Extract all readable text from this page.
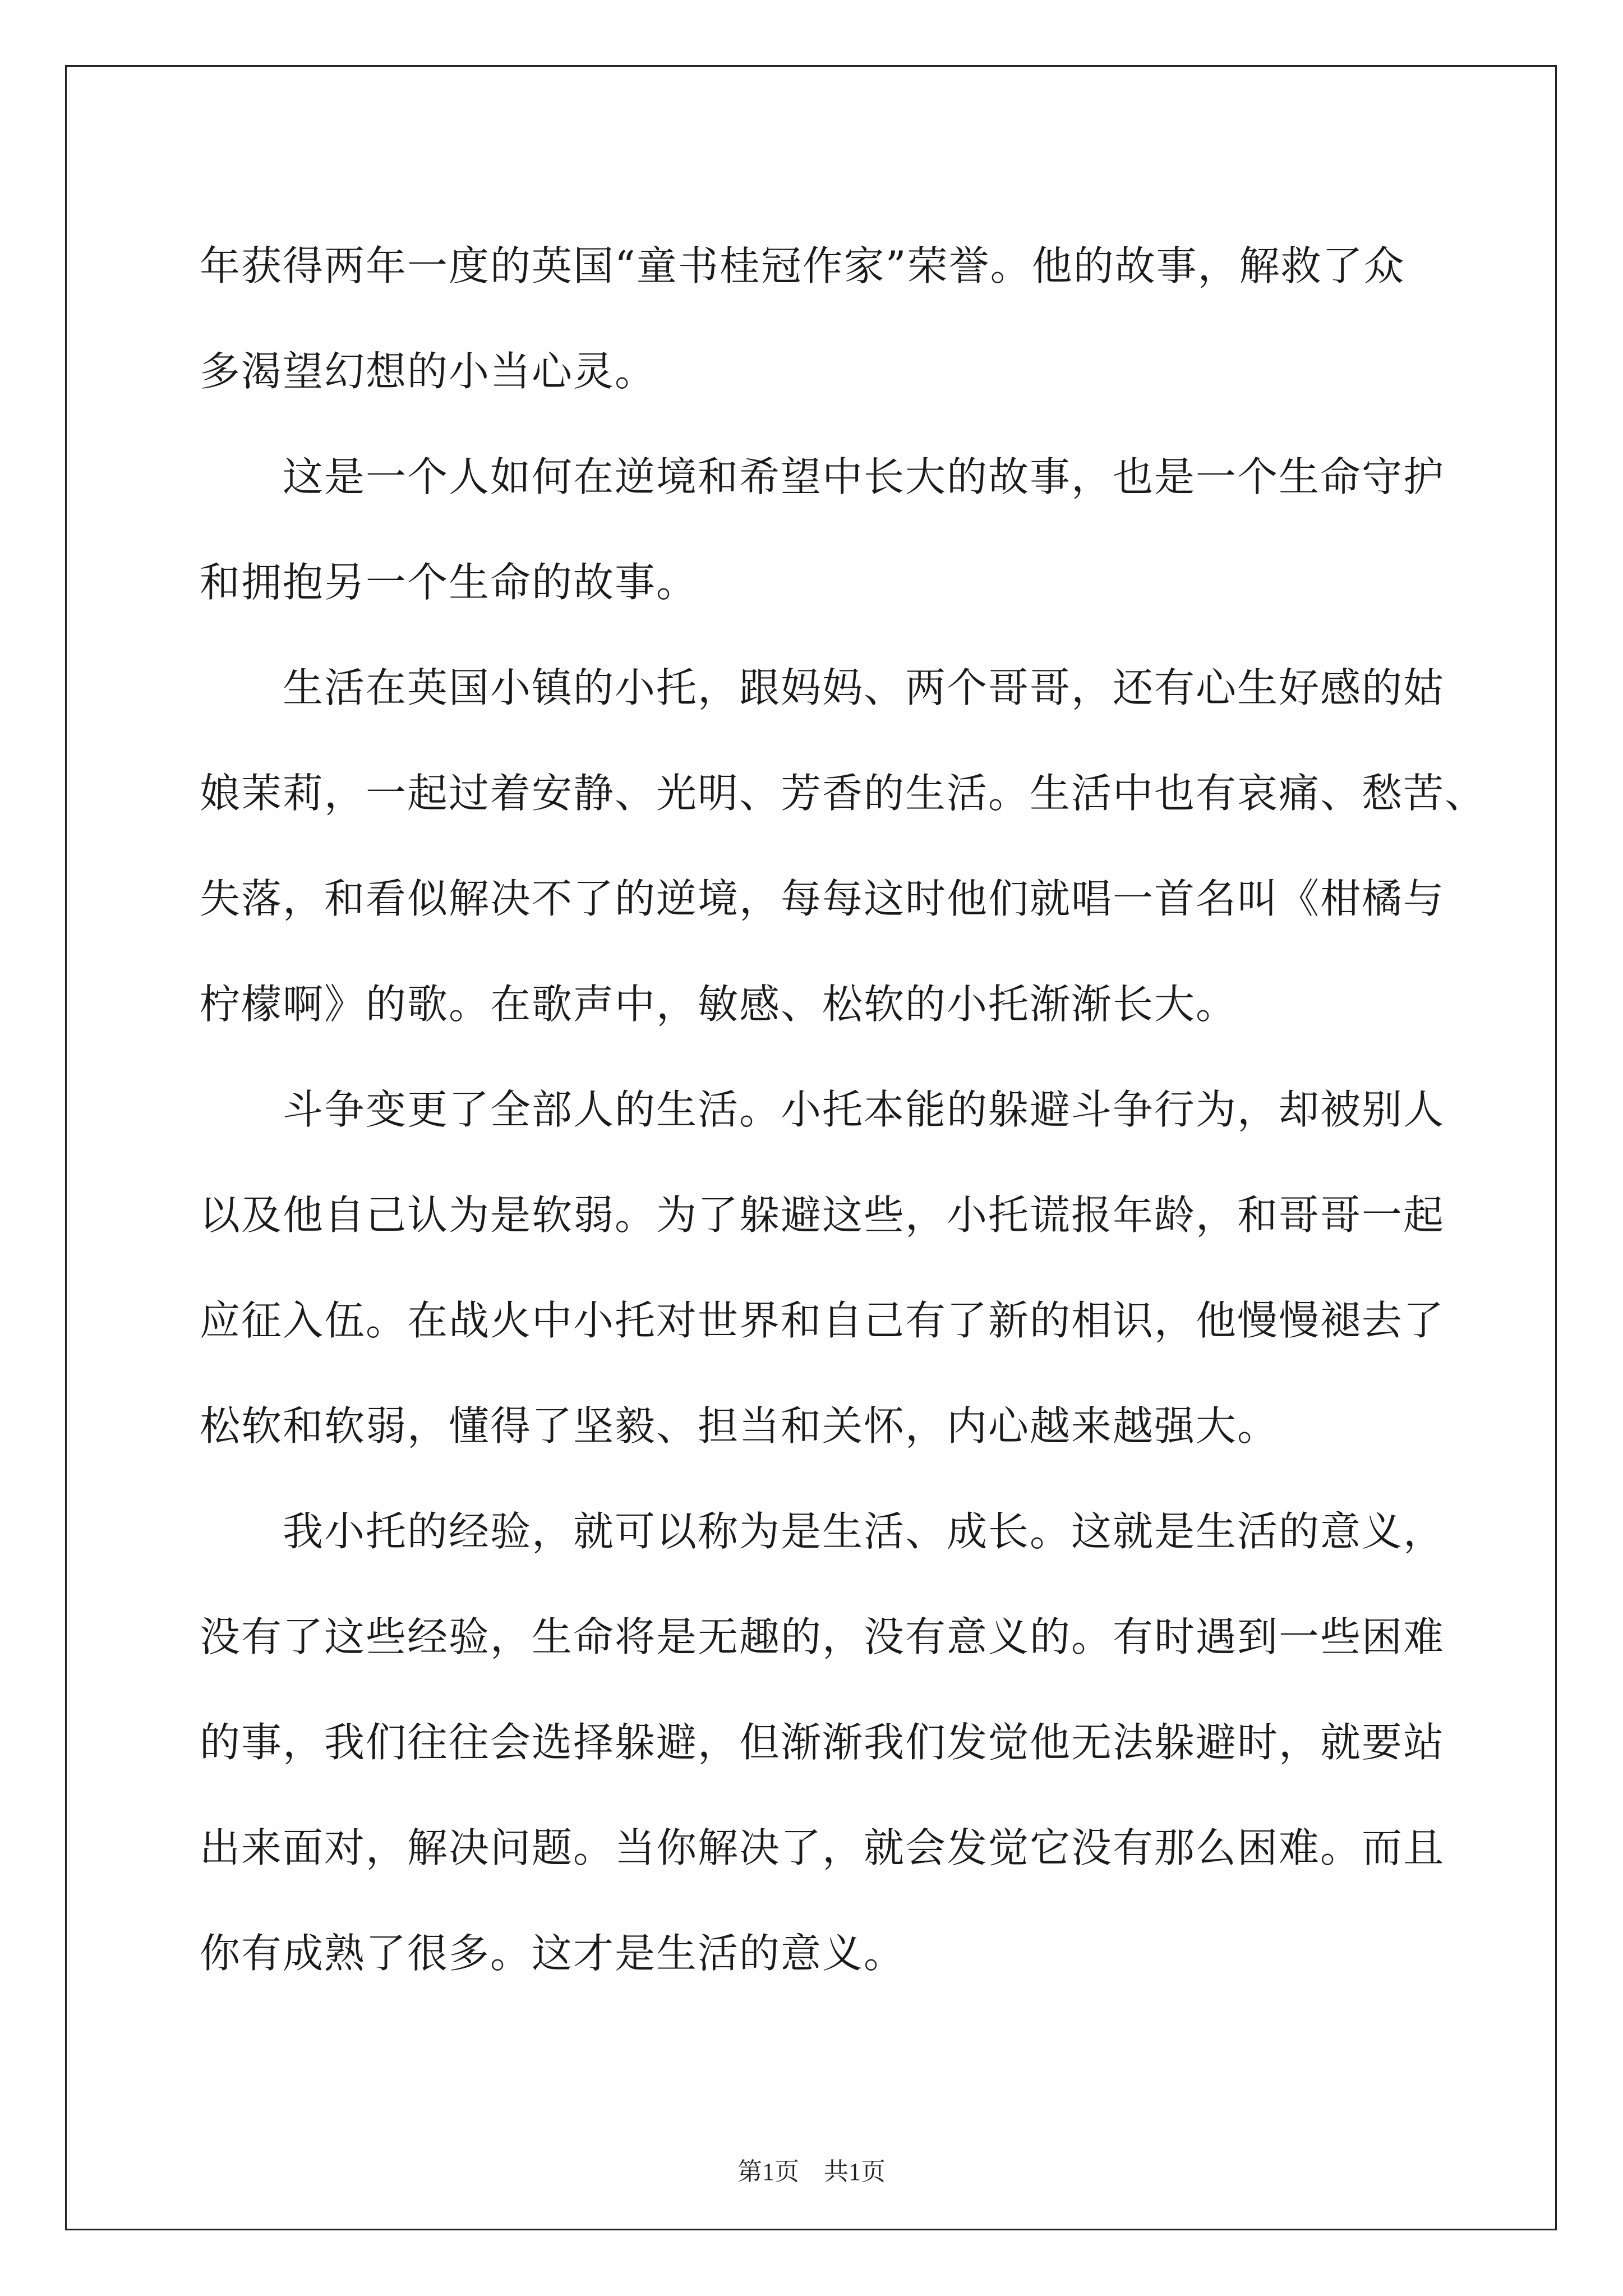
年获得两年一度的英国“童书桂冠作家”荣誉。他的故事，解救了众
多渴望幻想的小当心灵。

这是一个人如何在逆境和希望中长大的故事，也是一个生命守护
和拥抱另一个生命的故事。

生活在英国小镇的小托，跟妈妈、两个哥哥，还有心生好感的姑
娘茉莉，一起过着安静、光明、芳香的生活。生活中也有哀痛、愁苦、
失落，和看似解决不了的逆境，每每这时他们就唱一首名叫《柑橘与
柠檬啊》的歌。在歌声中，敏感、松软的小托渐渐长大。

斗争变更了全部人的生活。小托本能的躲避斗争行为，却被别人
以及他自己认为是软弱。为了躲避这些，小托谎报年龄，和哥哥一起
应征入伍。在战火中小托对世界和自己有了新的相识，他慢慢褪去了
松软和软弱，懂得了坚毅、担当和关怀，内心越来越强大。

我小托的经验，就可以称为是生活、成长。这就是生活的意义，
没有了这些经验，生命将是无趣的，没有意义的。有时遇到一些困难
的事，我们往往会选择躲避，但渐渐我们发觉他无法躲避时，就要站
出来面对，解决问题。当你解决了，就会发觉它没有那么困难。而且
你有成熟了很多。这才是生活的意义。

第1页　共1页
